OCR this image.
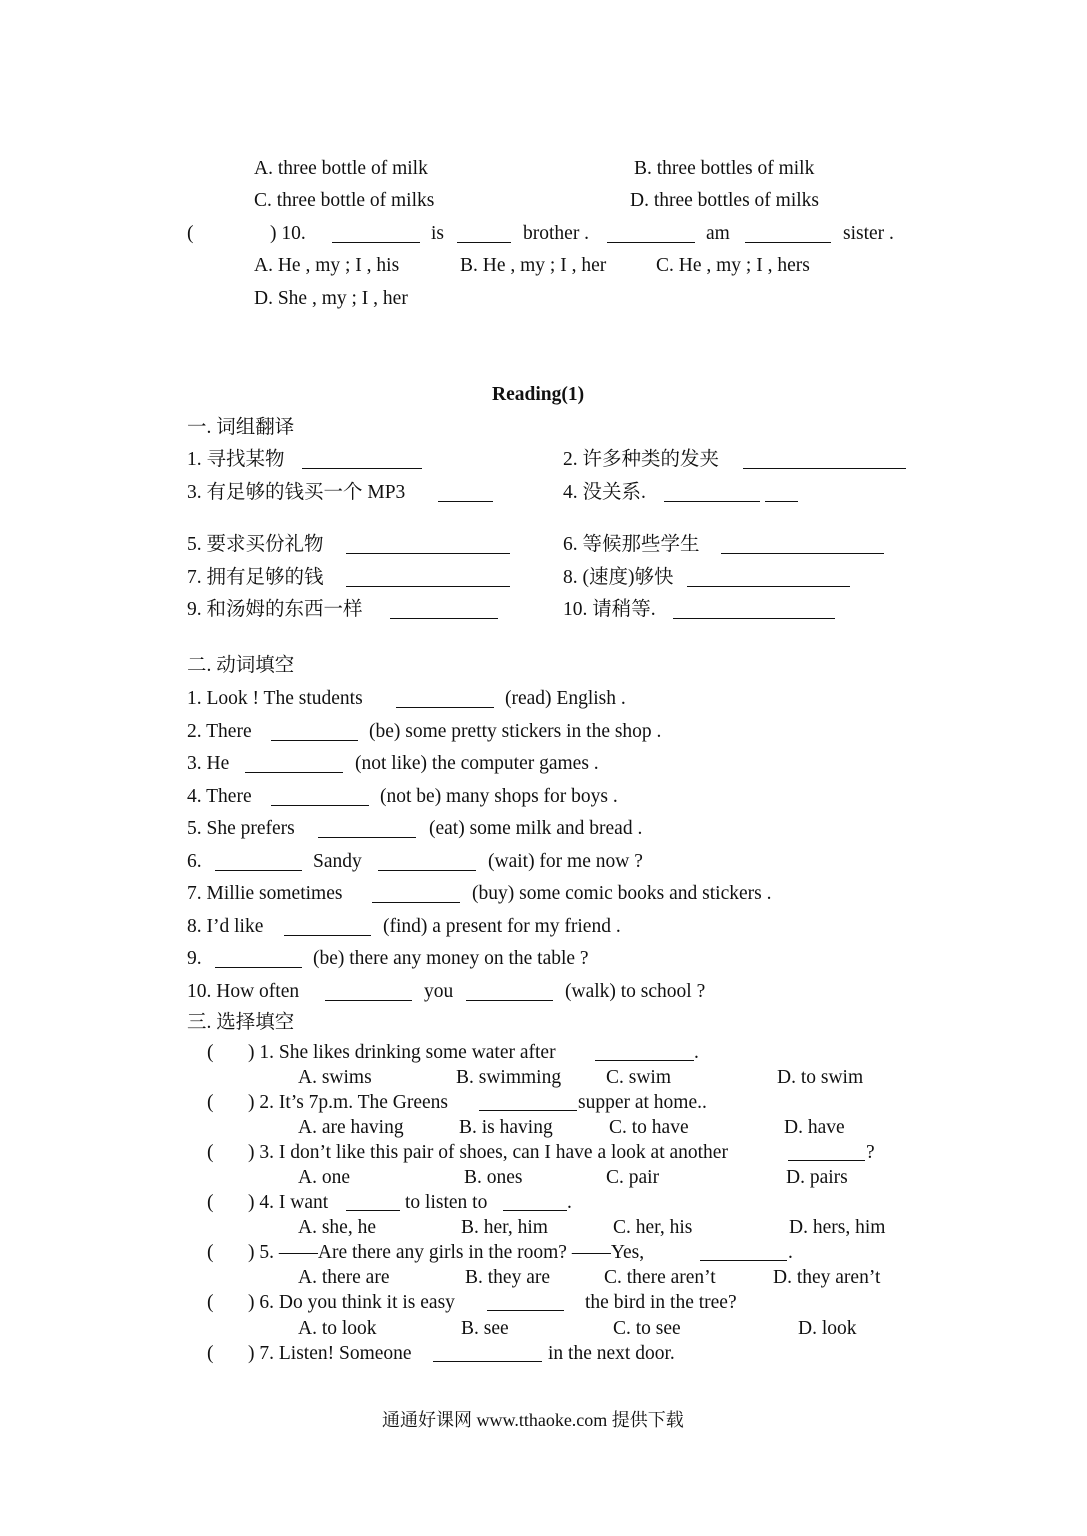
A. three bottle of milk	B. three bottles of milk
C. three bottle of milks	D. three bottles of milks
(	) 10.	is	brother .	am	sister .
A. He , my ; I , his	B. He , my ; I , her	C. He , my ; I , hers
D. She , my ; I , her
Reading(1)
一. 词组翻译
1. 寻找某物	2. 许多种类的发夹
3. 有足够的钱买一个 MP3	4. 没关系.
5. 要求买份礼物	6. 等候那些学生
7. 拥有足够的钱	8. (速度)够快
9. 和汤姆的东西一样	10. 请稍等.
二. 动词填空
1. Look ! The students	(read) English .
2. There	(be) some pretty stickers in the shop .
3. He	(not like) the computer games .
4. There	(not be) many shops for boys .
5. She prefers	(eat) some milk and bread .
6.	Sandy	(wait) for me now ?
7. Millie sometimes	(buy) some comic books and stickers .
8. I’d like	(find) a present for my friend .
9.	(be) there any money on the table ?
10. How often	you	(walk) to school ?
三. 选择填空
( ) 1. She likes drinking some water after	.
A. swims	B. swimming C. swim	D. to swim
( ) 2. It’s 7p.m. The Greens	supper at home..
A. are having	B. is having	C. to have	D. have
( ) 3. I don’t like this pair of shoes, can I have a look at another	?
A. one	B. ones	C. pair	D. pairs
( ) 4. I want	to listen to	.
A. she, he	B. her, him	C. her, his	D. hers, him
( ) 5. ——Are there any girls in the room? ——Yes,	.
A. there are	B. they are	C. there aren’t	D. they aren’t
( ) 6. Do you think it is easy	the bird in the tree?
A. to look	B. see	C. to see	D. look
( ) 7. Listen! Someone	in the next door.
通通好课网 www.tthaoke.com 提供下载
